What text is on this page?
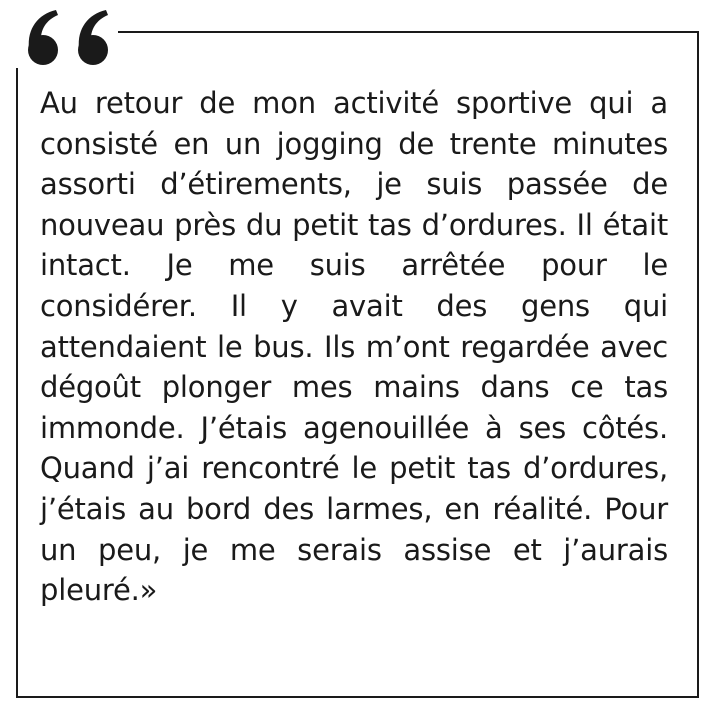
Au retour de mon activité sportive qui a consisté en un jogging de trente minutes assorti d’étirements, je suis passée de nouveau près du petit tas d’ordures. Il était intact. Je me suis arrêtée pour le considérer. Il y avait des gens qui attendaient le bus. Ils m’ont regardée avec dégoût plonger mes mains dans ce tas immonde. J’étais agenouillée à ses côtés. Quand j’ai rencontré le petit tas d’ordures, j’étais au bord des larmes, en réalité. Pour un peu, je me serais assise et j’aurais pleuré.»
